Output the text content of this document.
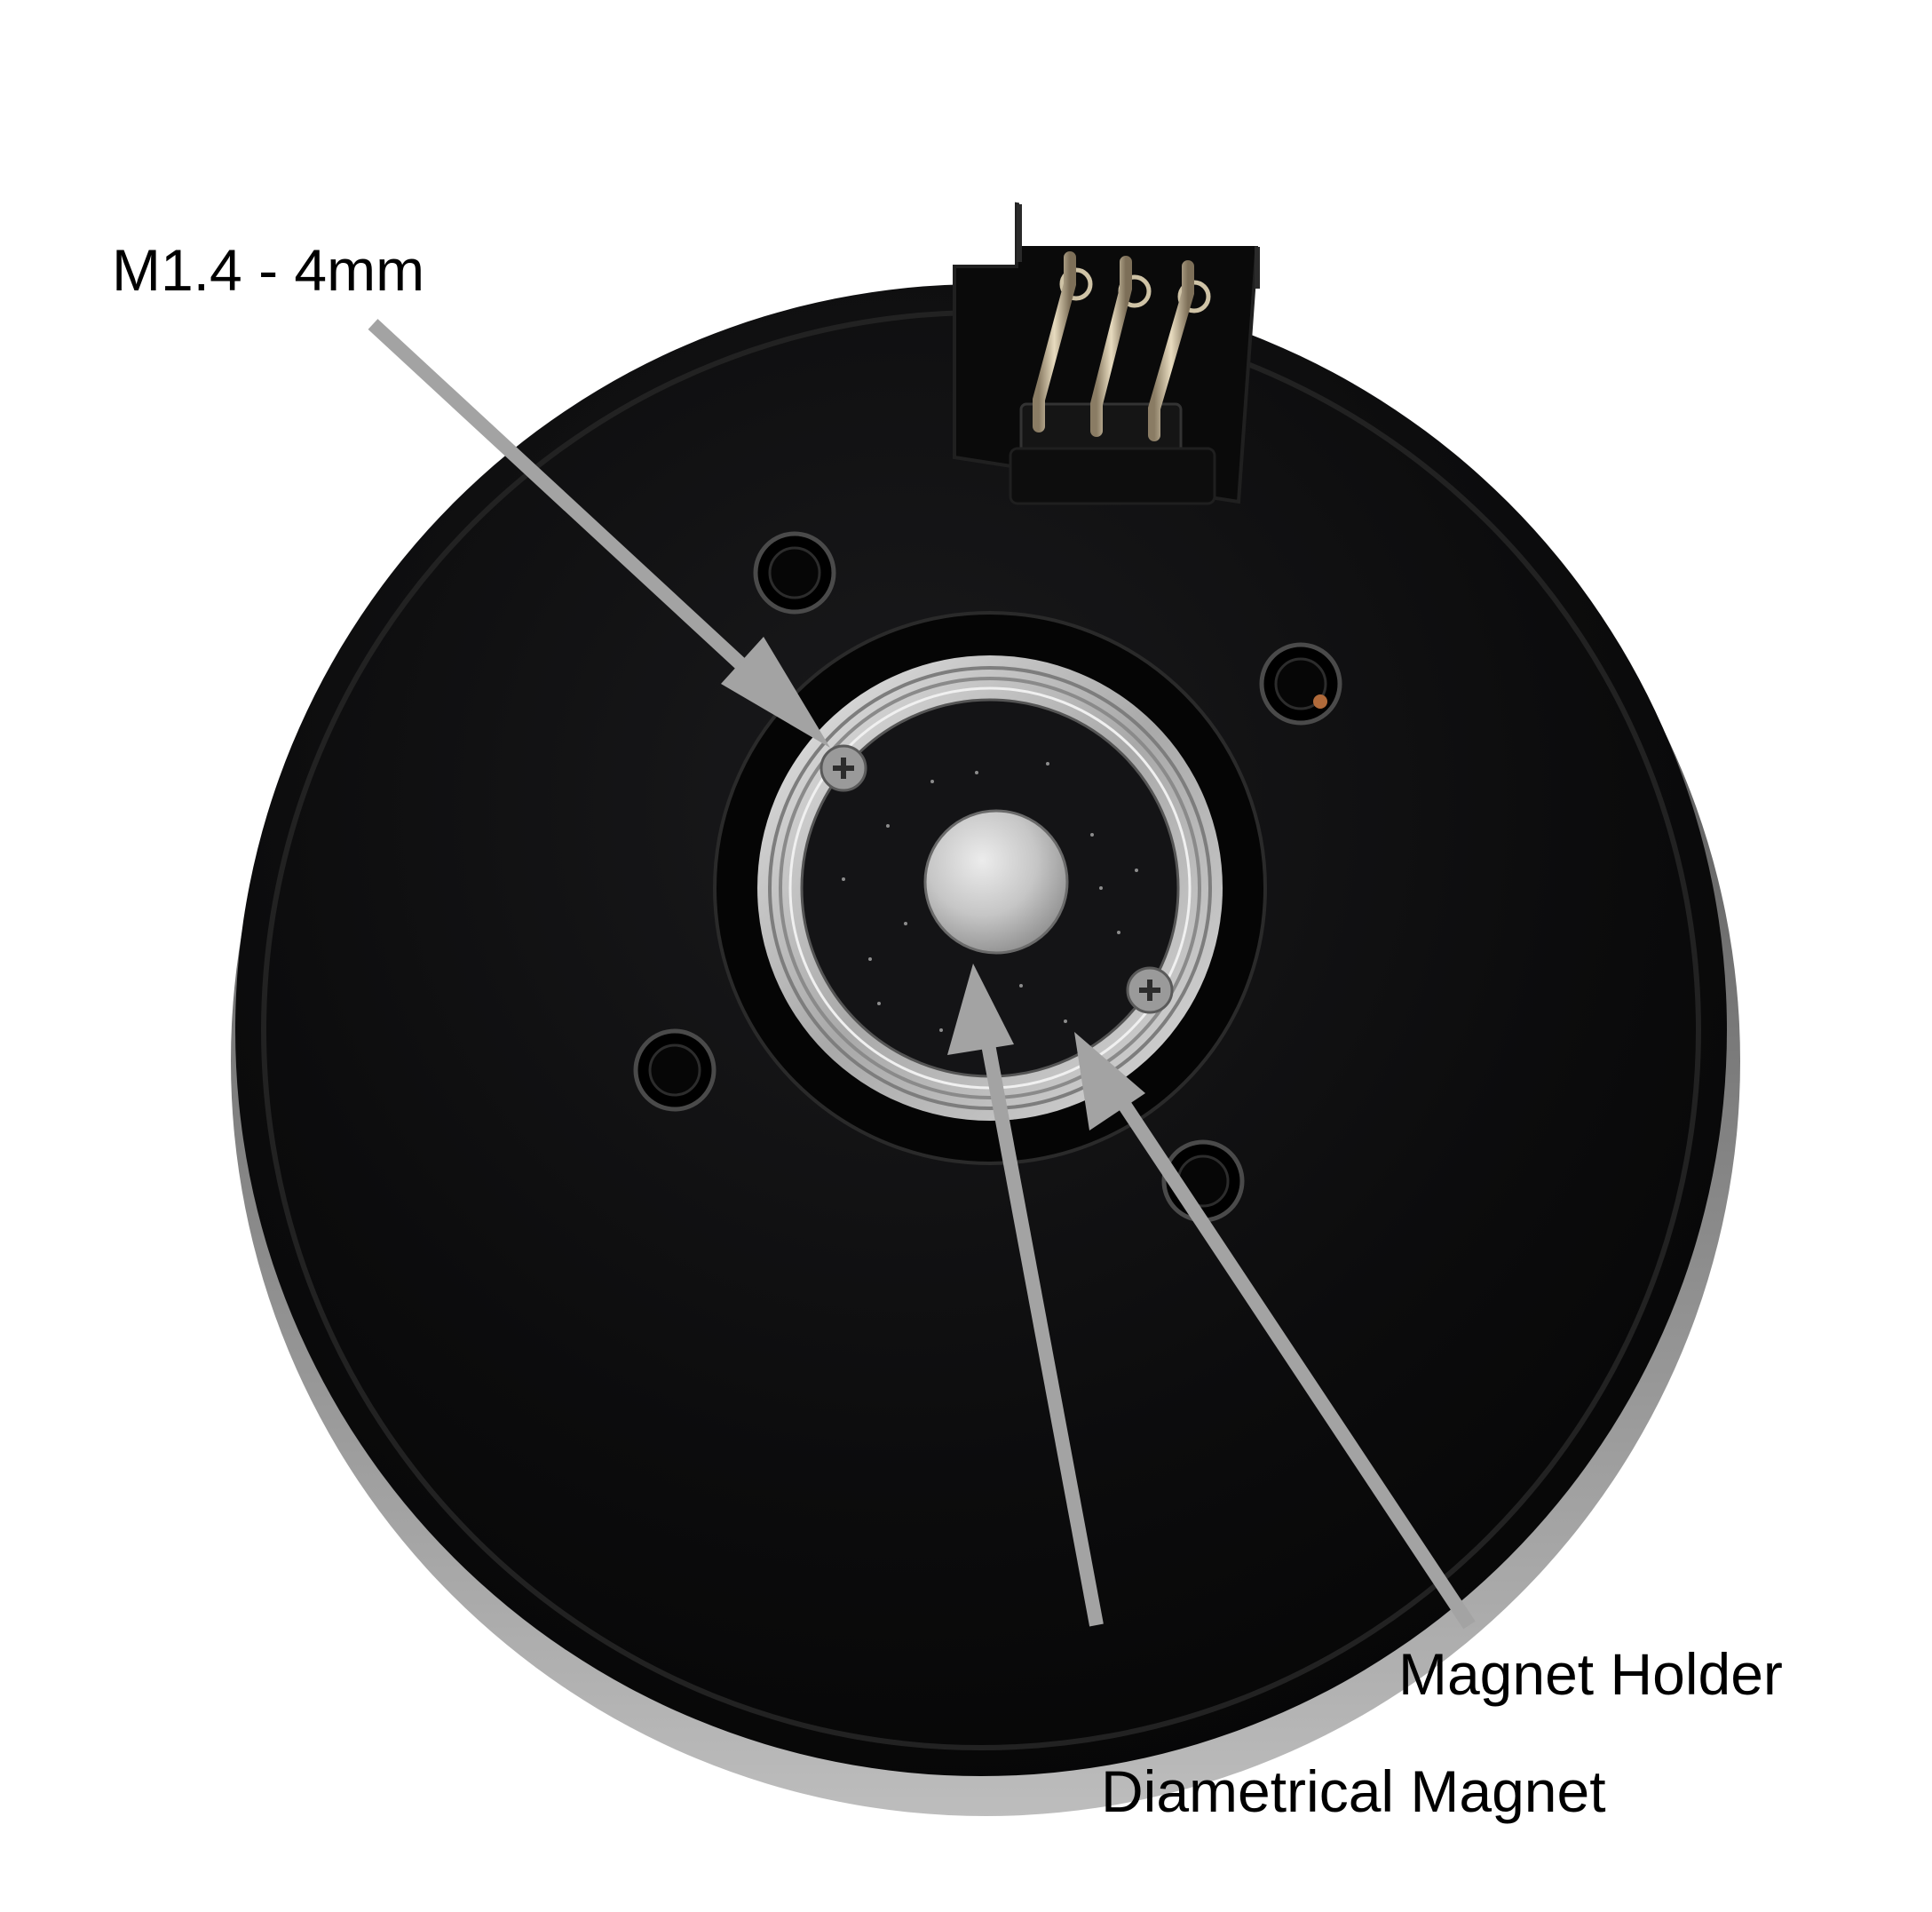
M1.4 - 4mm
Magnet Holder
Diametrical Magnet
